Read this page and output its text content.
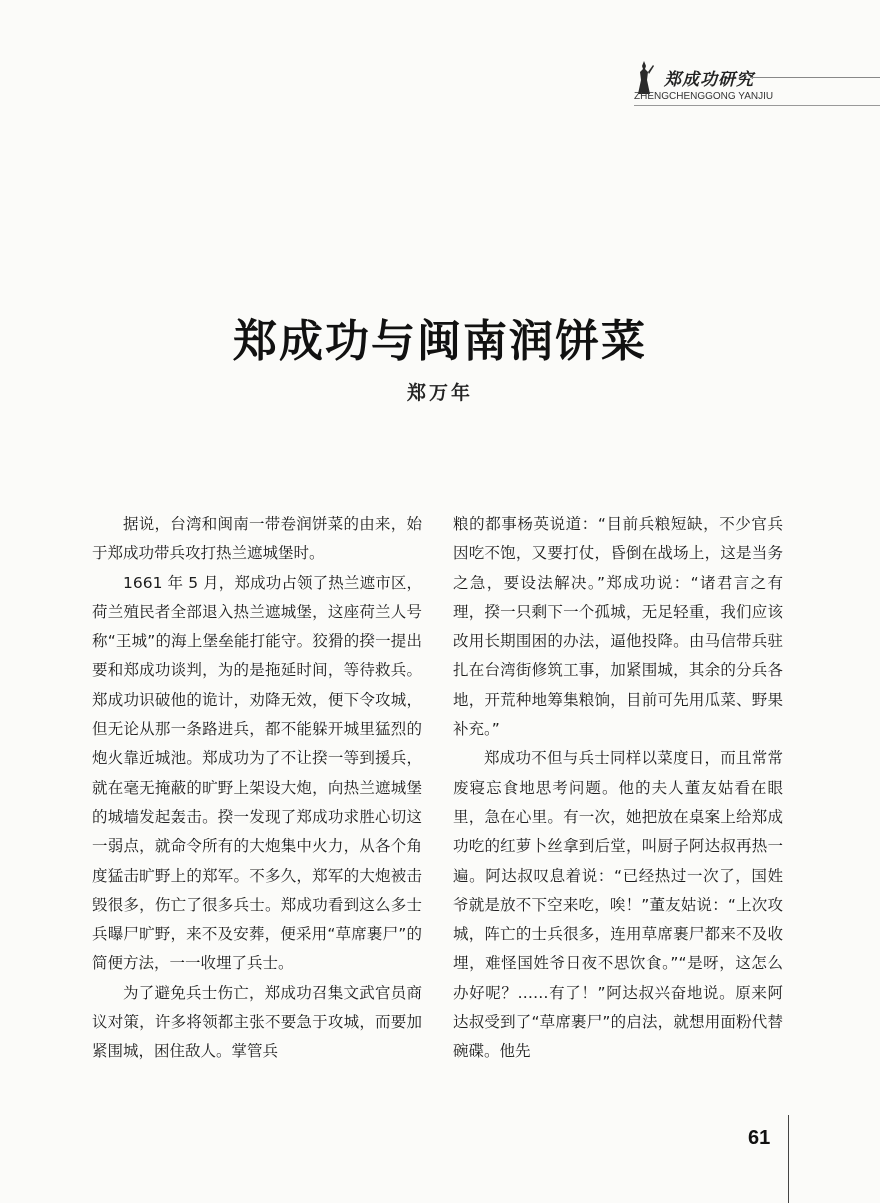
郑成功研究
ZHENGCHENGGONG YANJIU
郑成功与闽南润饼菜
郑万年

据说，台湾和闽南一带卷润饼菜的由来，始于郑成功带兵攻打热兰遮城堡时。

1661 年 5 月，郑成功占领了热兰遮市区，荷兰殖民者全部退入热兰遮城堡，这座荷兰人号称“王城”的海上堡垒能打能守。狡猾的揆一提出要和郑成功谈判，为的是拖延时间，等待救兵。郑成功识破他的诡计，劝降无效，便下令攻城，但无论从那一条路进兵，都不能躲开城里猛烈的炮火靠近城池。郑成功为了不让揆一等到援兵，就在毫无掩蔽的旷野上架设大炮，向热兰遮城堡的城墙发起轰击。揆一发现了郑成功求胜心切这一弱点，就命令所有的大炮集中火力，从各个角度猛击旷野上的郑军。不多久，郑军的大炮被击毁很多，伤亡了很多兵士。郑成功看到这么多士兵曝尸旷野，来不及安葬，便采用“草席裹尸”的简便方法，一一收埋了兵士。

为了避免兵士伤亡，郑成功召集文武官员商议对策，许多将领都主张不要急于攻城，而要加紧围城，困住敌人。掌管兵

粮的都事杨英说道：“目前兵粮短缺，不少官兵因吃不饱，又要打仗，昏倒在战场上，这是当务之急，要设法解决。”郑成功说：“诸君言之有理，揆一只剩下一个孤城，无足轻重，我们应该改用长期围困的办法，逼他投降。由马信带兵驻扎在台湾街修筑工事，加紧围城，其余的分兵各地，开荒种地筹集粮饷，目前可先用瓜菜、野果补充。”

郑成功不但与兵士同样以菜度日，而且常常废寝忘食地思考问题。他的夫人董友姑看在眼里，急在心里。有一次，她把放在桌案上给郑成功吃的红萝卜丝拿到后堂，叫厨子阿达叔再热一遍。阿达叔叹息着说：“已经热过一次了，国姓爷就是放不下空来吃，唉！”董友姑说：“上次攻城，阵亡的士兵很多，连用草席裹尸都来不及收埋，难怪国姓爷日夜不思饮食。”“是呀，这怎么办好呢？……有了！”阿达叔兴奋地说。原来阿达叔受到了“草席裹尸”的启法，就想用面粉代替碗碟。他先

61
